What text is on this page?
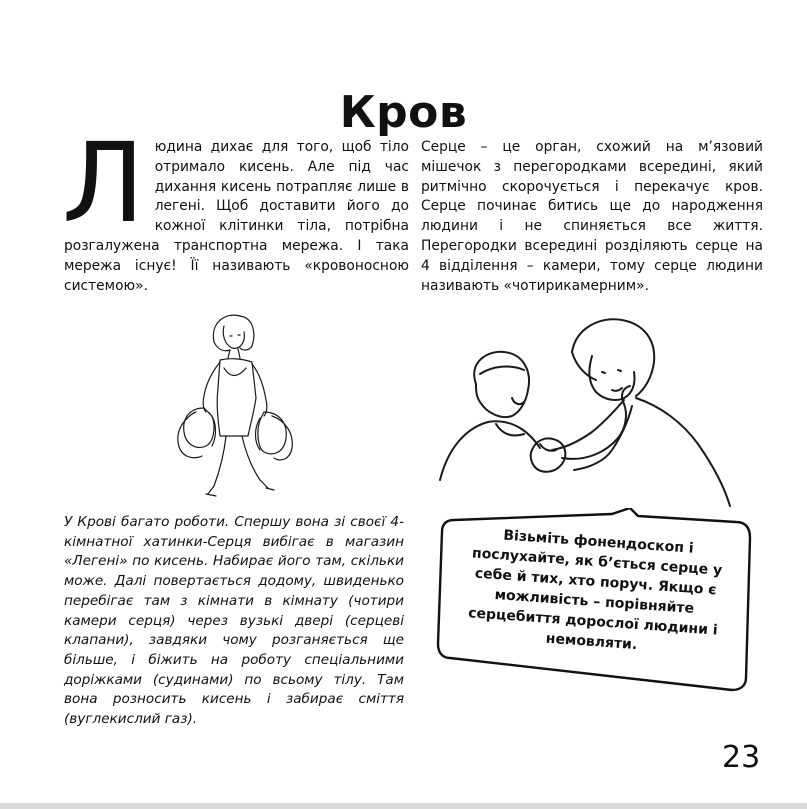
Кров
Л юдина дихає для того, щоб тіло отримало кисень. Але під час дихання кисень потрапляє лише в легені. Щоб доставити його до кожної клітинки тіла, потрібна розгалужена транспортна мережа. І така мережа існує! Її називають «кровоносною системою».
Серце – це орган, схожий на м’язовий мішечок з перегородками всередині, який ритмічно скорочується і перекачує кров. Серце починає битись ще до народження людини і не спиняється все життя. Перегородки всередині розділяють серце на 4 відділення – камери, тому серце людини називають «чотирикамерним».
У Крові багато роботи. Спершу вона зі своєї 4-кімнатної хатинки-Серця вибігає в магазин «Легені» по кисень. Набирає його там, скільки може. Далі повертається додому, швиденько перебігає там з кімнати в кімнату (чотири камери серця) через вузькі двері (серцеві клапани), завдяки чому розганяється ще більше, і біжить на роботу спеціальними доріжками (судинами) по всьому тілу. Там вона розносить кисень і забирає сміття (вуглекислий газ).
Візьміть фонендоскоп і послухайте, як б’ється серце у себе й тих, хто поруч. Якщо є можливість – порівняйте серцебиття дорослої людини і немовляти.
23
